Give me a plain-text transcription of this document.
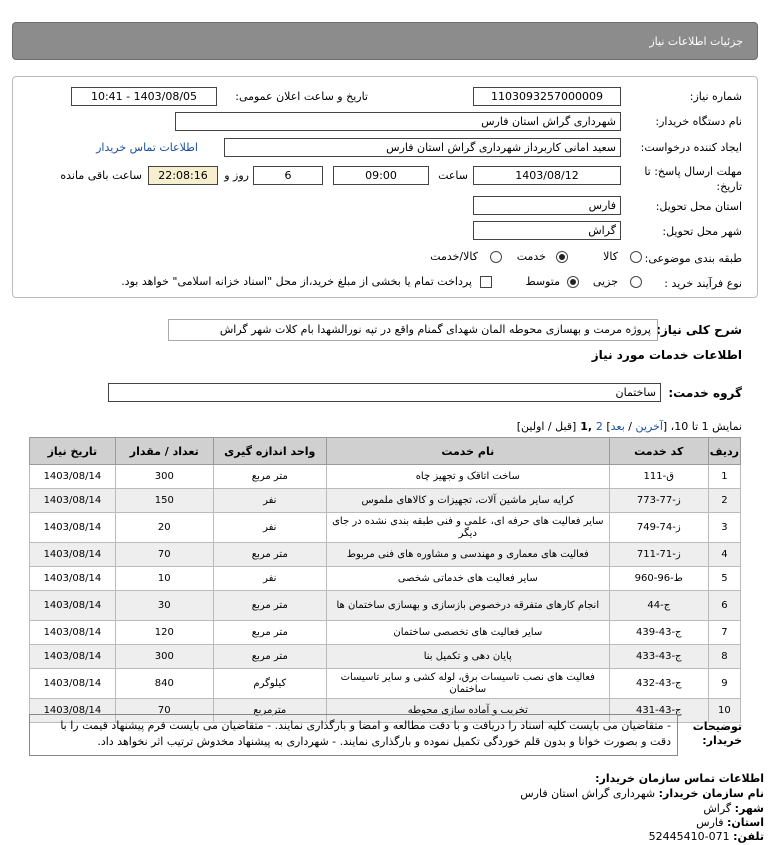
جزئیات اطلاعات نیاز
شماره نیاز:
1103093257000009
تاریخ و ساعت اعلان عمومی:
1403/08/05 - 10:41
نام دستگاه خریدار:
شهرداری گراش استان فارس
ایجاد کننده درخواست:
سعید امانی کاربرداز شهرداری گراش استان فارس
اطلاعات تماس خریدار
مهلت ارسال پاسخ: تا تاریخ:
1403/08/12
ساعت
09:00
6
روز و
22:08:16
ساعت باقی مانده
استان محل تحویل:
فارس
شهر محل تحویل:
گراش
طبقه بندی موضوعی:
کالا
خدمت
کالا/خدمت
نوع فرآیند خرید :
جزیی
متوسط
پرداخت تمام یا بخشی از مبلغ خرید،از محل "اسناد خزانه اسلامی" خواهد بود.
شرح کلی نیاز:
پروژه مرمت و بهسازی محوطه المان شهدای گمنام واقع در تپه نورالشهدا بام کلات شهر گراش
اطلاعات خدمات مورد نیاز
گروه خدمت:
ساختمان
نمایش 1 تا 10، [آخرین / بعد] 2 ,1 [قبل / اولین]
ردیف	کد خدمت	نام خدمت	واحد اندازه گیری	تعداد / مقدار	تاریخ نیاز
1	ق-111	ساخت اتاقک و تجهیز چاه	متر مربع	300	1403/08/14
2	ز-77-773	کرایه سایر ماشین آلات، تجهیزات و کالاهای ملموس	نفر	150	1403/08/14
3	ز-74-749	سایر فعالیت های حرفه ای، علمی و فنی طبقه بندی نشده در جای دیگر	نفر	20	1403/08/14
4	ز-71-711	فعالیت های معماری و مهندسی و مشاوره های فنی مربوط	متر مربع	70	1403/08/14
5	ط-96-960	سایر فعالیت های خدماتی شخصی	نفر	10	1403/08/14
6	ج-44	انجام کارهای متفرقه درخصوص بازسازی و بهسازی ساختمان ها	متر مربع	30	1403/08/14
7	ج-43-439	سایر فعالیت های تخصصی ساختمان	متر مربع	120	1403/08/14
8	ج-43-433	پایان دهی و تکمیل بنا	متر مربع	300	1403/08/14
9	ج-43-432	فعالیت های نصب تاسیسات برق، لوله کشی و سایر تاسیسات ساختمان	کیلوگرم	840	1403/08/14
10	ج-43-431	تخریب و آماده سازی محوطه	مترمربع	70	1403/08/14
توضیحات خریدار:
- متقاضیان می بایست کلیه اسناد را دریافت و با دقت مطالعه و امضا و بارگذاری نمایند. - متقاضیان می بایست فرم پیشنهاد قیمت را با دقت و بصورت خوانا و بدون قلم خوردگی تکمیل نموده و بارگذاری نمایند. - شهرداری به پیشنهاد مخدوش ترتیب اثر نخواهد داد.
اطلاعات تماس سازمان خریدار:
نام سازمان خریدار: شهرداری گراش استان فارس
شهر: گراش
استان: فارس
تلفن: 071-52445410
